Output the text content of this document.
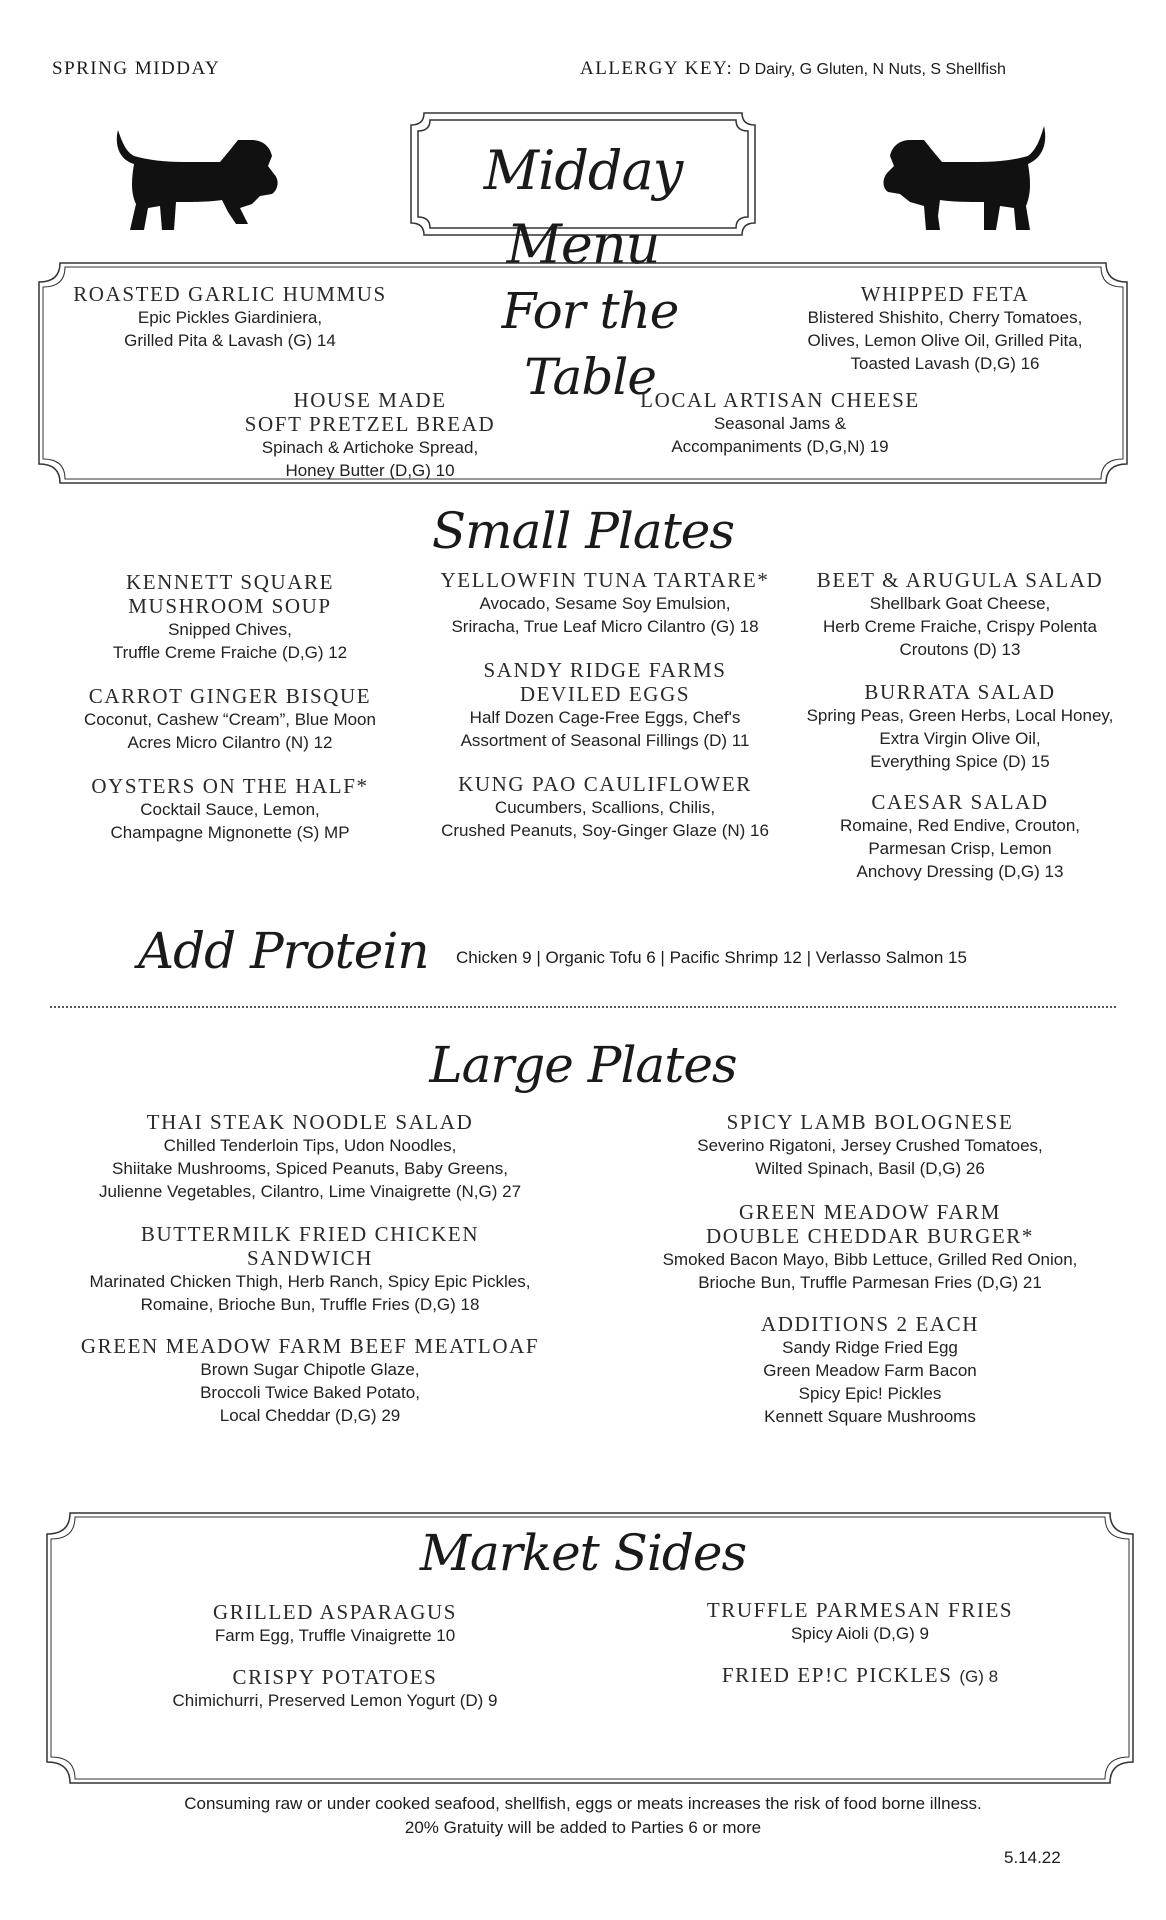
SPRING MIDDAY	ALLERGY KEY: D Dairy, G Gluten, N Nuts, S Shellfish
Midday Menu
For the Table
ROASTED GARLIC HUMMUS
Epic Pickles Giardiniera,
Grilled Pita & Lavash (G) 14
WHIPPED FETA
Blistered Shishito, Cherry Tomatoes,
Olives, Lemon Olive Oil, Grilled Pita,
Toasted Lavash (D,G) 16
HOUSE MADE
SOFT PRETZEL BREAD
Spinach & Artichoke Spread,
Honey Butter (D,G) 10
LOCAL ARTISAN CHEESE
Seasonal Jams &
Accompaniments (D,G,N) 19
Small Plates
KENNETT SQUARE
MUSHROOM SOUP
Snipped Chives,
Truffle Creme Fraiche (D,G) 12
CARROT GINGER BISQUE
Coconut, Cashew “Cream”, Blue Moon
Acres Micro Cilantro (N) 12
OYSTERS ON THE HALF*
Cocktail Sauce, Lemon,
Champagne Mignonette (S) MP
YELLOWFIN TUNA TARTARE*
Avocado, Sesame Soy Emulsion,
Sriracha, True Leaf Micro Cilantro (G) 18
SANDY RIDGE FARMS
DEVILED EGGS
Half Dozen Cage-Free Eggs, Chef's
Assortment of Seasonal Fillings (D) 11
KUNG PAO CAULIFLOWER
Cucumbers, Scallions, Chilis,
Crushed Peanuts, Soy-Ginger Glaze (N) 16
BEET & ARUGULA SALAD
Shellbark Goat Cheese,
Herb Creme Fraiche, Crispy Polenta
Croutons (D) 13
BURRATA SALAD
Spring Peas, Green Herbs, Local Honey,
Extra Virgin Olive Oil,
Everything Spice (D) 15
CAESAR SALAD
Romaine, Red Endive, Crouton,
Parmesan Crisp, Lemon
Anchovy Dressing (D,G) 13
Add Protein	Chicken 9 | Organic Tofu 6 | Pacific Shrimp 12 | Verlasso Salmon 15
Large Plates
THAI STEAK NOODLE SALAD
Chilled Tenderloin Tips, Udon Noodles,
Shiitake Mushrooms, Spiced Peanuts, Baby Greens,
Julienne Vegetables, Cilantro, Lime Vinaigrette (N,G) 27
BUTTERMILK FRIED CHICKEN
SANDWICH
Marinated Chicken Thigh, Herb Ranch, Spicy Epic Pickles,
Romaine, Brioche Bun, Truffle Fries (D,G) 18
GREEN MEADOW FARM BEEF MEATLOAF
Brown Sugar Chipotle Glaze,
Broccoli Twice Baked Potato,
Local Cheddar (D,G) 29
SPICY LAMB BOLOGNESE
Severino Rigatoni, Jersey Crushed Tomatoes,
Wilted Spinach, Basil (D,G) 26
GREEN MEADOW FARM
DOUBLE CHEDDAR BURGER*
Smoked Bacon Mayo, Bibb Lettuce, Grilled Red Onion,
Brioche Bun, Truffle Parmesan Fries (D,G) 21
ADDITIONS 2 EACH
Sandy Ridge Fried Egg
Green Meadow Farm Bacon
Spicy Epic! Pickles
Kennett Square Mushrooms
Market Sides
GRILLED ASPARAGUS
Farm Egg, Truffle Vinaigrette 10
CRISPY POTATOES
Chimichurri, Preserved Lemon Yogurt (D) 9
TRUFFLE PARMESAN FRIES
Spicy Aioli (D,G) 9
FRIED EP!C PICKLES (G) 8
Consuming raw or under cooked seafood, shellfish, eggs or meats increases the risk of food borne illness.
20% Gratuity will be added to Parties 6 or more
5.14.22
